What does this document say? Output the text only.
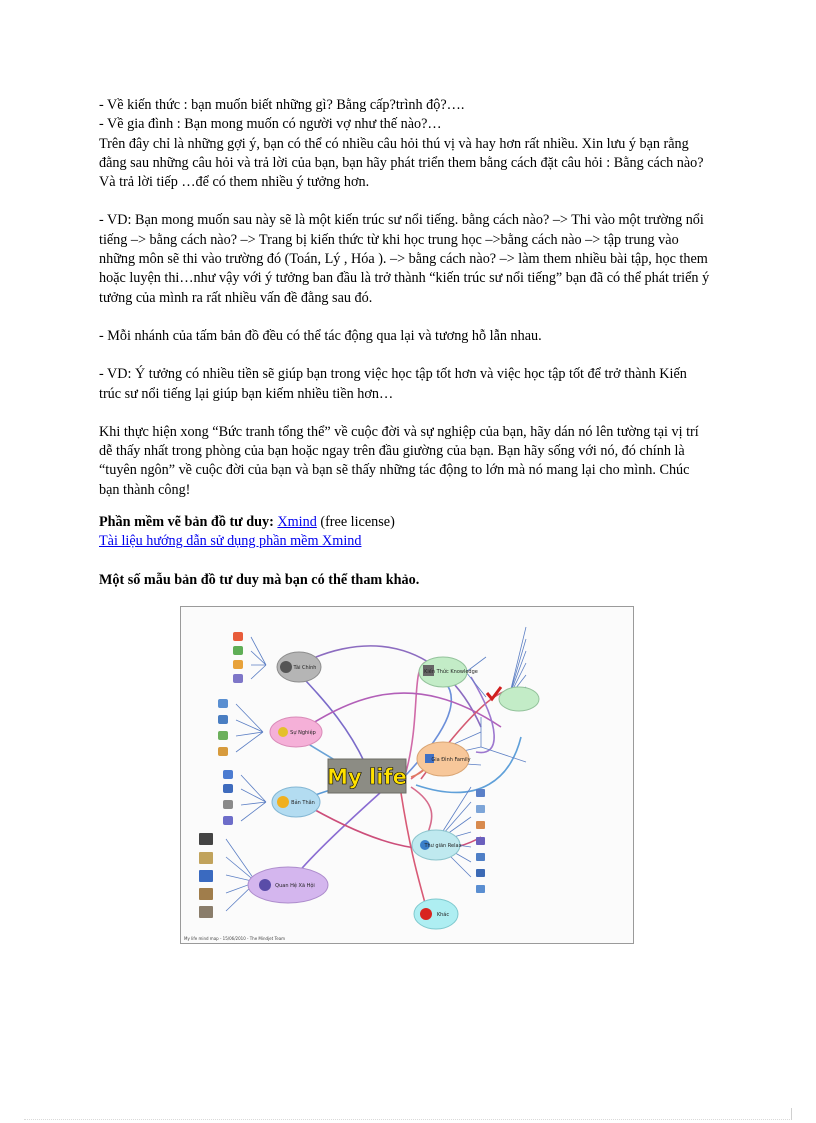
- Về kiến thức : bạn muốn biết những gì? Bằng cấp?trình độ?….

- Về gia đình : Bạn mong muốn có người vợ như thế nào?…

Trên đây chỉ là những gợi ý, bạn có thể có nhiều câu hỏi thú vị và hay hơn rất nhiều. Xin lưu ý bạn rằng đằng sau những câu hỏi và trả lời của bạn, bạn hãy phát triển them bằng cách đặt câu hỏi : Bằng cách nào? Và trả lời tiếp …để có them nhiều ý tưởng hơn.

- VD: Bạn mong muốn sau này sẽ là một kiến trúc sư nổi tiếng. bằng cách nào? –> Thi vào một trường nổi tiếng –> bằng cách nào? –> Trang bị kiến thức từ khi học trung học –>bằng cách nào –> tập trung vào những môn sẽ thi vào trường đó (Toán, Lý , Hóa ). –> bằng cách nào? –> làm them nhiều bài tập, học them hoặc luyện thi…như vậy với ý tưởng ban đầu là trở thành “kiến trúc sư nổi tiếng” bạn đã có thể phát triển ý tưởng của mình ra rất nhiều vấn đề đằng sau đó.

- Mỗi nhánh của tấm bản đồ đều có thể tác động qua lại và tương hỗ lẫn nhau.

- VD: Ý tưởng có nhiều tiền sẽ giúp bạn trong việc học tập tốt hơn và việc học tập tốt để trở thành Kiến trúc sư nổi tiếng lại giúp bạn kiếm nhiều tiền hơn…

Khi thực hiện xong “Bức tranh tổng thể” về cuộc đời và sự nghiệp của bạn, hãy dán nó lên tường tại vị trí dễ thấy nhất trong phòng của bạn hoặc ngay trên đầu giường của bạn. Bạn hãy sống với nó, đó chính là “tuyên ngôn” về cuộc đời của bạn và bạn sẽ thấy những tác động to lớn mà nó mang lại cho mình. Chúc bạn thành công!

Phần mềm vẽ bản đồ tư duy: Xmind (free license)

Tài liệu hướng dẫn sử dụng phần mềm Xmind

Một số mẫu bản đồ tư duy mà bạn có thể tham khảo.

My life
Tài Chính
Kiến Thức Knowledge
Sự Nghiệp
Gia Đình Family
Bản Thân
Thư giãn Relax
Quan Hệ Xã Hội
Khác
My life mind map - 15/06/2010 - The Mindjet Team
